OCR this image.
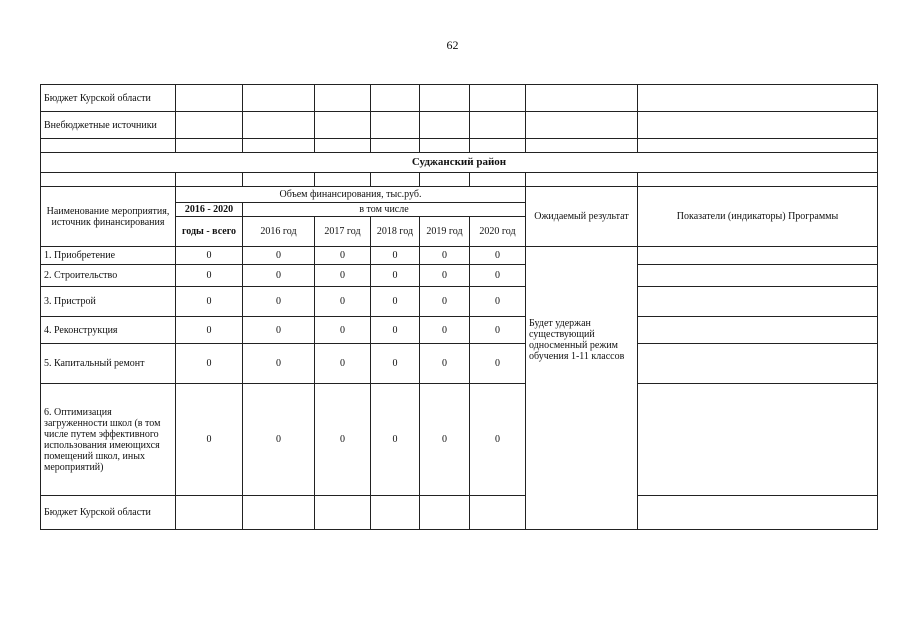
62
Бюджет Курской области								
Внебюджетные источники								

Суджанский район								

Наименование мероприятия, источник финансирования	Объем финансирования, тыс.руб.						Ожидаемый результат	Показатели (индикаторы) Программы
	2016 - 2020	в том числе						
	годы - всего	2016 год	2017 год	2018 год	2019 год	2020 год		
1. Приобретение	0	0	0	0	0	0	Будет удержан существующий односменный режим обучения 1-11 классов	

2. Строительство	0	0	0	0	0	0		
3. Пристрой	0	0	0	0	0	0		
4. Реконструкция	0	0	0	0	0	0		
5. Капитальный ремонт	0	0	0	0	0	0		
6. Оптимизация загруженности школ (в том числе путем эффективного использования имеющихся помещений школ, иных мероприятий)	0	0	0	0	0	0		
Бюджет Курской области								
